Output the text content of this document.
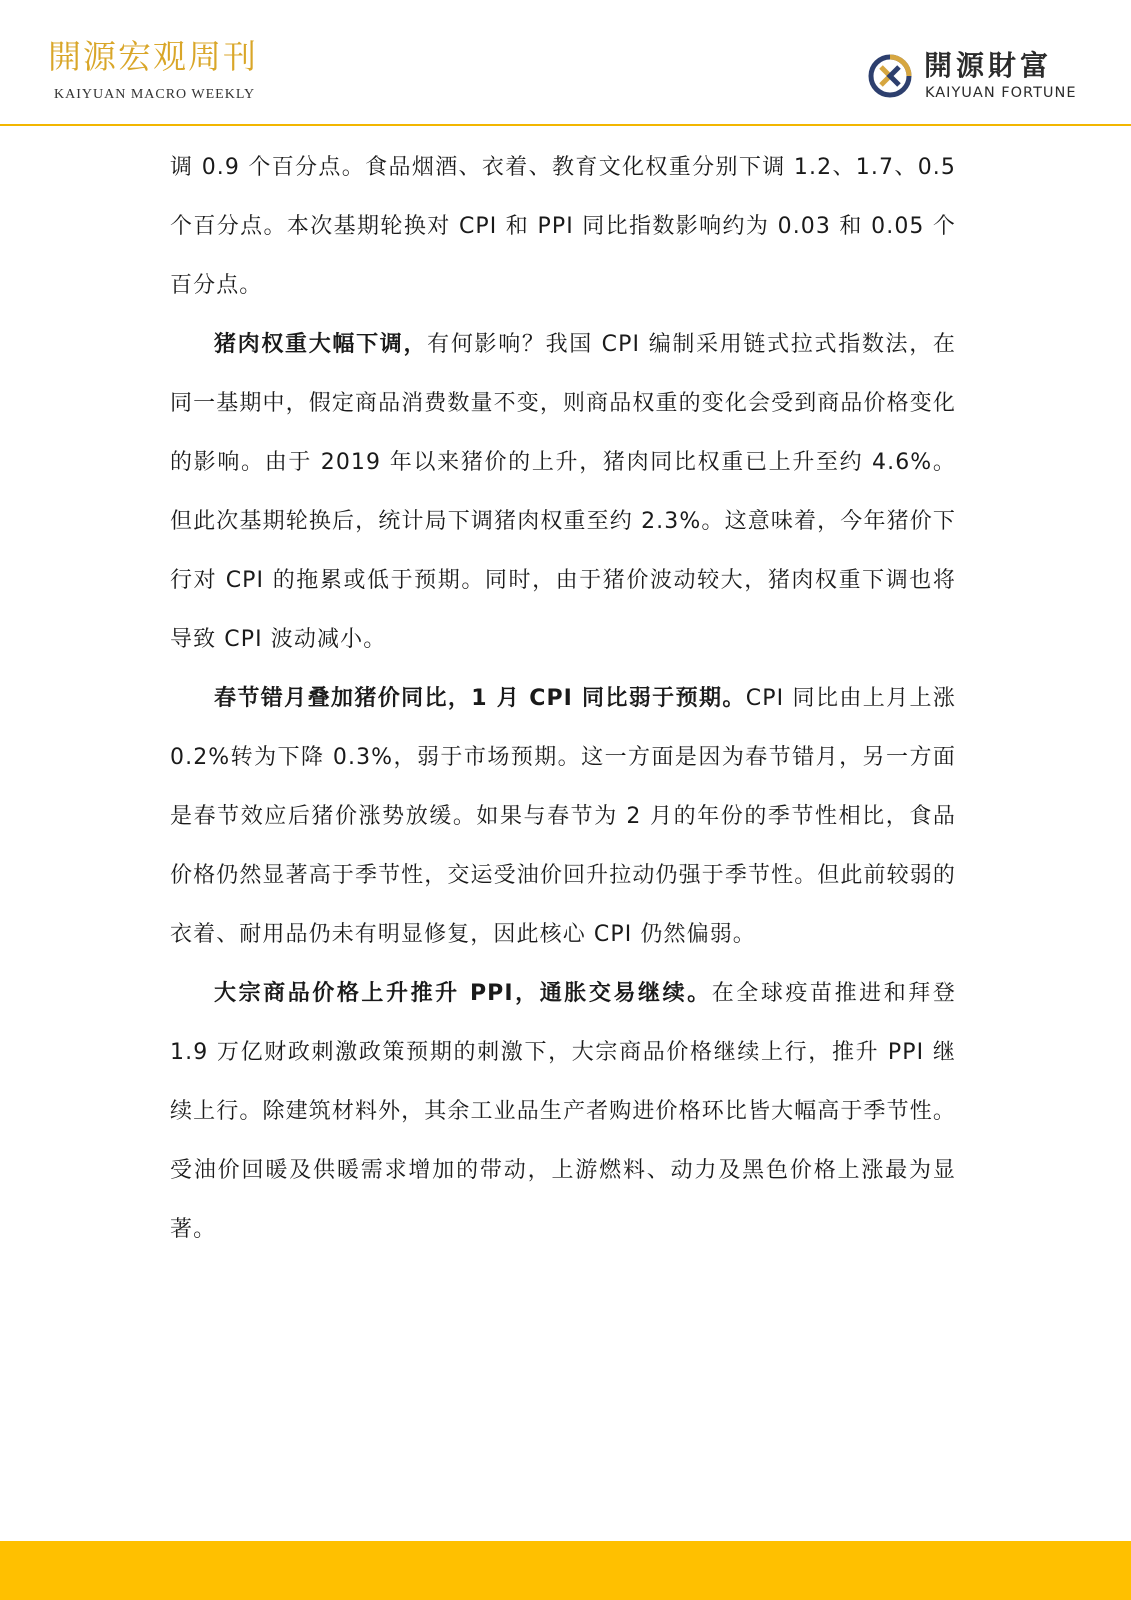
開源宏观周刊
KAIYUAN MACRO WEEKLY
開源財富
KAIYUAN FORTUNE

调 0.9 个百分点。食品烟酒、衣着、教育文化权重分别下调 1.2、1.7、0.5 个百分点。本次基期轮换对 CPI 和 PPI 同比指数影响约为 0.03 和 0.05 个百分点。

猪肉权重大幅下调，有何影响？我国 CPI 编制采用链式拉式指数法，在同一基期中，假定商品消费数量不变，则商品权重的变化会受到商品价格变化的影响。由于 2019 年以来猪价的上升，猪肉同比权重已上升至约 4.6%。但此次基期轮换后，统计局下调猪肉权重至约 2.3%。这意味着，今年猪价下行对 CPI 的拖累或低于预期。同时，由于猪价波动较大，猪肉权重下调也将导致 CPI 波动减小。

春节错月叠加猪价同比，1 月 CPI 同比弱于预期。CPI 同比由上月上涨 0.2%转为下降 0.3%，弱于市场预期。这一方面是因为春节错月，另一方面是春节效应后猪价涨势放缓。如果与春节为 2 月的年份的季节性相比，食品价格仍然显著高于季节性，交运受油价回升拉动仍强于季节性。但此前较弱的衣着、耐用品仍未有明显修复，因此核心 CPI 仍然偏弱。

大宗商品价格上升推升 PPI，通胀交易继续。在全球疫苗推进和拜登 1.9 万亿财政刺激政策预期的刺激下，大宗商品价格继续上行，推升 PPI 继续上行。除建筑材料外，其余工业品生产者购进价格环比皆大幅高于季节性。受油价回暖及供暖需求增加的带动，上游燃料、动力及黑色价格上涨最为显著。
